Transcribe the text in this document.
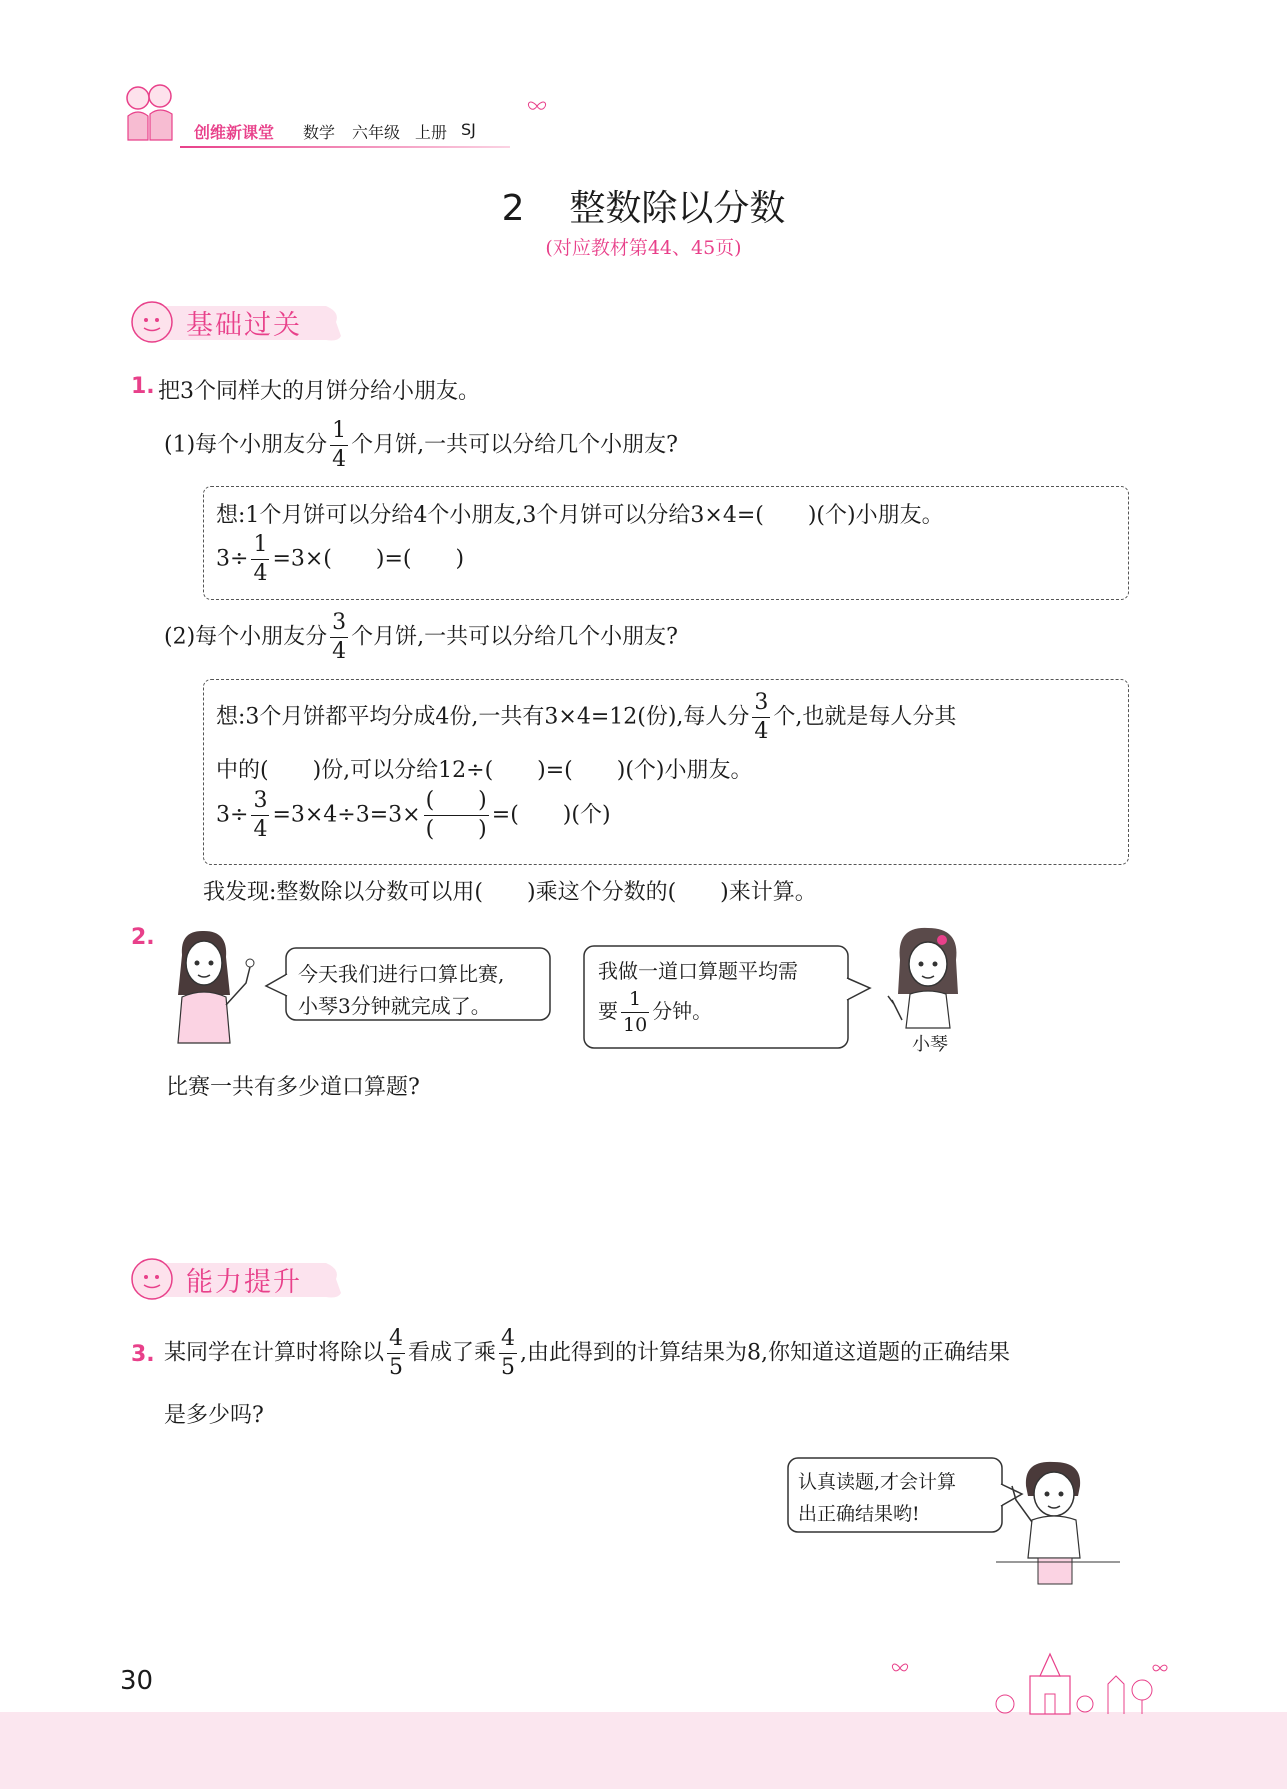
创维新课堂 数学 六年级 上册 SJ
2 整数除以分数
(对应教材第44、45页)
基础过关
1. 把3个同样大的月饼分给小朋友。
(1)每个小朋友分 $\frac{1}{4}$ 个月饼,一共可以分给几个小朋友?
想:1个月饼可以分给4个小朋友,3个月饼可以分给3×4=(　　)(个)小朋友。
$3\div \frac{1}{4} =3\times$(　　)=(　　)
(2)每个小朋友分 $\frac{3}{4}$ 个月饼,一共可以分给几个小朋友?
想:3个月饼都平均分成4份,一共有3×4=12(份),每人分 $\frac{3}{4}$ 个,也就是每人分其
中的(　　)份,可以分给12÷(　　)=(　　)(个)小朋友。
$3\div \frac{3}{4} =3\times 4\div 3=3\times \frac{( )}{( )}$ =(　　)(个)
我发现:整数除以分数可以用(　　)乘这个分数的(　　)来计算。
2.
今天我们进行口算比赛,
小琴3分钟就完成了。
我做一道口算题平均需
要 $\frac{1}{10}$ 分钟。
小琴
比赛一共有多少道口算题?
能力提升
3. 某同学在计算时将除以 $\frac{4}{5}$ 看成了乘 $\frac{4}{5}$ ,由此得到的计算结果为8,你知道这道题的正确结果
是多少吗?
认真读题,才会计算
出正确结果哟!
30
